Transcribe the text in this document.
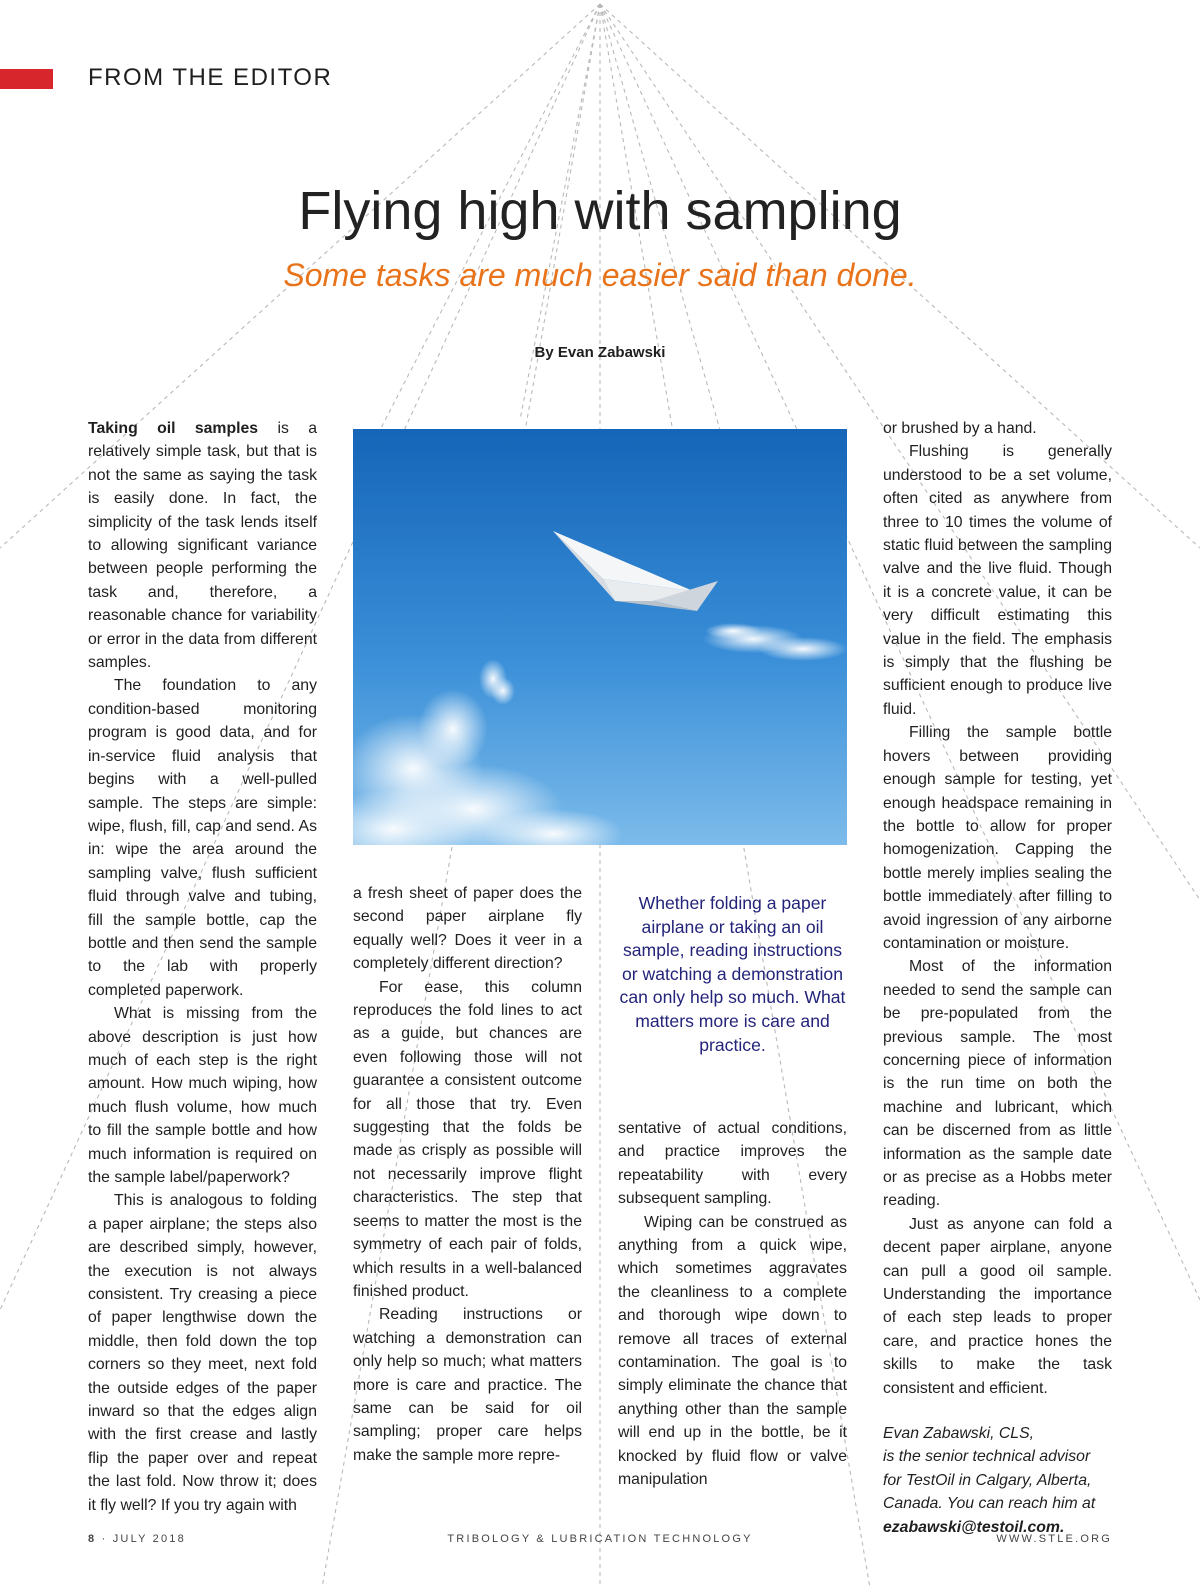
FROM THE EDITOR
Flying high with sampling
Some tasks are much easier said than done.
By Evan Zabawski

Taking oil samples is a relatively simple task, but that is not the same as saying the task is easily done. In fact, the simplicity of the task lends itself to allowing significant variance between people performing the task and, therefore, a reasonable chance for variability or error in the data from different samples.

The foundation to any condition-based monitoring program is good data, and for in-service fluid analysis that begins with a well-pulled sample. The steps are simple: wipe, flush, fill, cap and send. As in: wipe the area around the sampling valve, flush sufficient fluid through valve and tubing, fill the sample bottle, cap the bottle and then send the sample to the lab with properly completed paperwork.

What is missing from the above description is just how much of each step is the right amount. How much wiping, how much flush volume, how much to fill the sample bottle and how much information is required on the sample label/paperwork?

This is analogous to folding a paper airplane; the steps also are described simply, however, the execution is not always consistent. Try creasing a piece of paper lengthwise down the middle, then fold down the top corners so they meet, next fold the outside edges of the paper inward so that the edges align with the first crease and lastly flip the paper over and repeat the last fold. Now throw it; does it fly well? If you try again with

a fresh sheet of paper does the second paper airplane fly equally well? Does it veer in a completely different direction?

For ease, this column reproduces the fold lines to act as a guide, but chances are even following those will not guarantee a consistent outcome for all those that try. Even suggesting that the folds be made as crisply as possible will not necessarily improve flight characteristics. The step that seems to matter the most is the symmetry of each pair of folds, which results in a well-balanced finished product.

Reading instructions or watching a demonstration can only help so much; what matters more is care and practice. The same can be said for oil sampling; proper care helps make the sample more repre-

Whether folding a paper airplane or taking an oil sample, reading instructions or watching a demonstration can only help so much. What matters more is care and practice.

sentative of actual conditions, and practice improves the repeatability with every subsequent sampling.

Wiping can be construed as anything from a quick wipe, which sometimes aggravates the cleanliness to a complete and thorough wipe down to remove all traces of external contamination. The goal is to simply eliminate the chance that anything other than the sample will end up in the bottle, be it knocked by fluid flow or valve manipulation

or brushed by a hand.

Flushing is generally understood to be a set volume, often cited as anywhere from three to 10 times the volume of static fluid between the sampling valve and the live fluid. Though it is a concrete value, it can be very difficult estimating this value in the field. The emphasis is simply that the flushing be sufficient enough to produce live fluid.

Filling the sample bottle hovers between providing enough sample for testing, yet enough headspace remaining in the bottle to allow for proper homogenization. Capping the bottle merely implies sealing the bottle immediately after filling to avoid ingression of any airborne contamination or moisture.

Most of the information needed to send the sample can be pre-populated from the previous sample. The most concerning piece of information is the run time on both the machine and lubricant, which can be discerned from as little information as the sample date or as precise as a Hobbs meter reading.

Just as anyone can fold a decent paper airplane, anyone can pull a good oil sample. Understanding the importance of each step leads to proper care, and practice hones the skills to make the task consistent and efficient.

Evan Zabawski, CLS,

is the senior technical advisor

for TestOil in Calgary, Alberta,

Canada. You can reach him at

ezabawski@testoil.com.

8 · JULY 2018	TRIBOLOGY & LUBRICATION TECHNOLOGY	WWW.STLE.ORG
